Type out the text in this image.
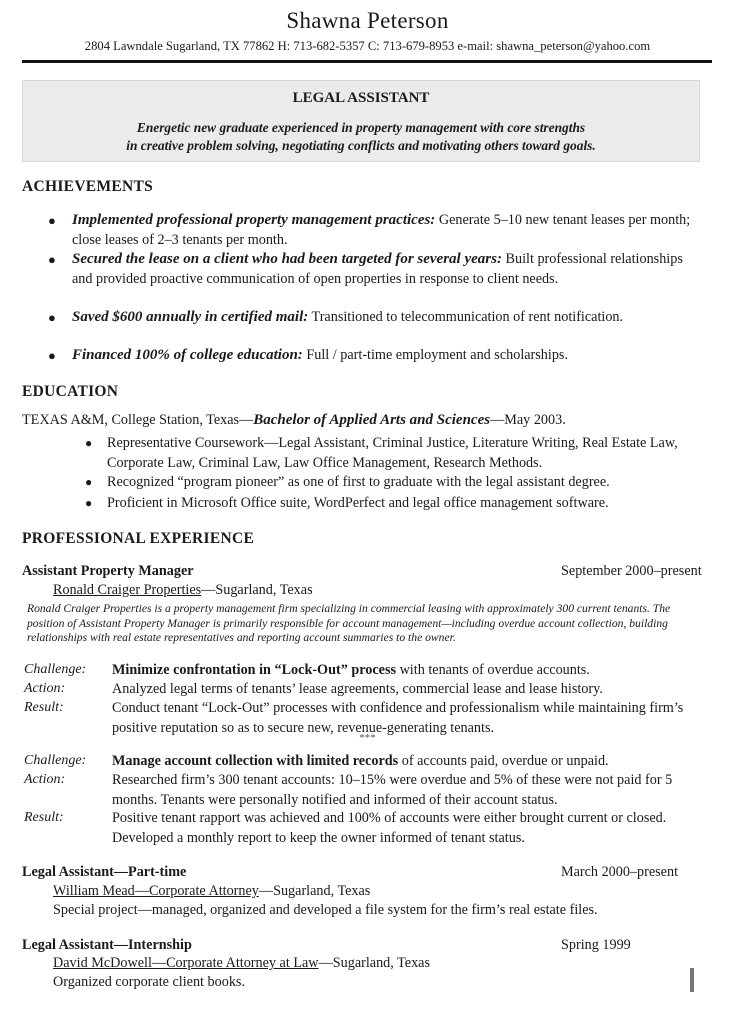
Shawna Peterson
2804 Lawndale Sugarland, TX 77862 H: 713-682-5357 C: 713-679-8953 e-mail: shawna_peterson@yahoo.com
LEGAL ASSISTANT
Energetic new graduate experienced in property management with core strengths
in creative problem solving, negotiating conflicts and motivating others toward goals.
ACHIEVEMENTS
● Implemented professional property management practices: Generate 5–10 new tenant leases per month; close leases of 2–3 tenants per month.
● Secured the lease on a client who had been targeted for several years: Built professional relationships and provided proactive communication of open properties in response to client needs.
● Saved $600 annually in certified mail: Transitioned to telecommunication of rent notification.
● Financed 100% of college education: Full / part-time employment and scholarships.
EDUCATION
TEXAS A&M, College Station, Texas—Bachelor of Applied Arts and Sciences—May 2003.
● Representative Coursework—Legal Assistant, Criminal Justice, Literature Writing, Real Estate Law, Corporate Law, Criminal Law, Law Office Management, Research Methods.
● Recognized “program pioneer” as one of first to graduate with the legal assistant degree.
● Proficient in Microsoft Office suite, WordPerfect and legal office management software.
PROFESSIONAL EXPERIENCE
Assistant Property Manager	September 2000–present
Ronald Craiger Properties—Sugarland, Texas
Ronald Craiger Properties is a property management firm specializing in commercial leasing with approximately 300 current tenants. The position of Assistant Property Manager is primarily responsible for account management—including overdue account collection, building relationships with real estate representatives and reporting account summaries to the owner.
Challenge: Minimize confrontation in “Lock-Out” process with tenants of overdue accounts.
Action:	Analyzed legal terms of tenants’ lease agreements, commercial lease and lease history.
Result:	Conduct tenant “Lock-Out” processes with confidence and professionalism while maintaining firm’s positive reputation so as to secure new, revenue-generating tenants.
***
Challenge: Manage account collection with limited records of accounts paid, overdue or unpaid.
Action:	Researched firm’s 300 tenant accounts: 10–15% were overdue and 5% of these were not paid for 5 months. Tenants were personally notified and informed of their account status.
Result:	Positive tenant rapport was achieved and 100% of accounts were either brought current or closed. Developed a monthly report to keep the owner informed of tenant status.
Legal Assistant—Part-time	March 2000–present
William Mead—Corporate Attorney—Sugarland, Texas
Special project—managed, organized and developed a file system for the firm’s real estate files.
Legal Assistant—Internship	Spring 1999
David McDowell—Corporate Attorney at Law—Sugarland, Texas
Organized corporate client books.
